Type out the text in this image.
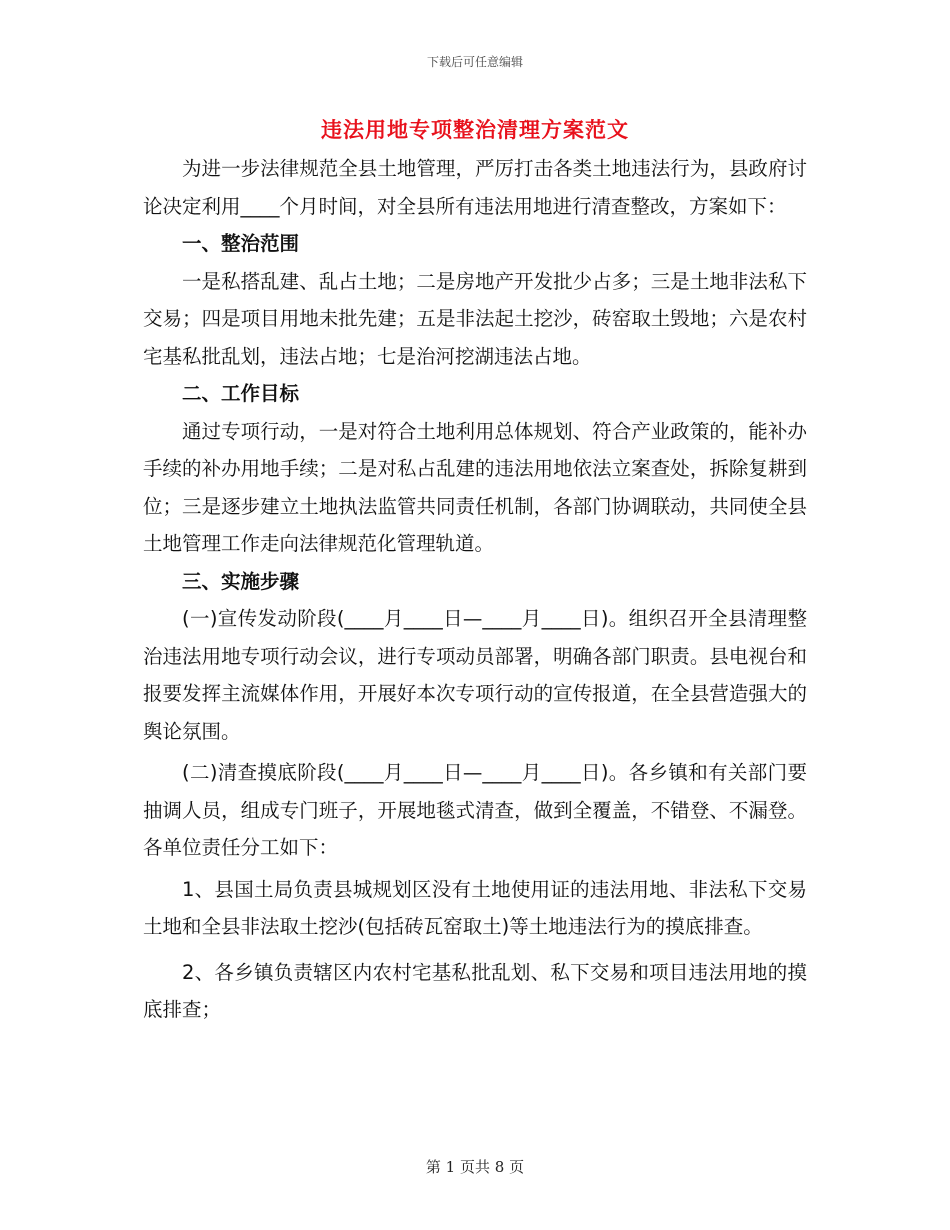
下载后可任意编辑
违法用地专项整治清理方案范文

为进一步法律规范全县土地管理，严厉打击各类土地违法行为，县政府讨论决定利用____个月时间，对全县所有违法用地进行清查整改，方案如下：

一、整治范围

一是私搭乱建、乱占土地；二是房地产开发批少占多；三是土地非法私下交易；四是项目用地未批先建；五是非法起土挖沙，砖窑取土毁地；六是农村宅基私批乱划，违法占地；七是治河挖湖违法占地。

二、工作目标

通过专项行动，一是对符合土地利用总体规划、符合产业政策的，能补办手续的补办用地手续；二是对私占乱建的违法用地依法立案查处，拆除复耕到位；三是逐步建立土地执法监管共同责任机制，各部门协调联动，共同使全县土地管理工作走向法律规范化管理轨道。

三、实施步骤

(一)宣传发动阶段(____月____日—____月____日)。组织召开全县清理整治违法用地专项行动会议，进行专项动员部署，明确各部门职责。县电视台和报要发挥主流媒体作用，开展好本次专项行动的宣传报道，在全县营造强大的舆论氛围。

(二)清查摸底阶段(____月____日—____月____日)。各乡镇和有关部门要抽调人员，组成专门班子，开展地毯式清查，做到全覆盖，不错登、不漏登。各单位责任分工如下：

1、县国土局负责县城规划区没有土地使用证的违法用地、非法私下交易土地和全县非法取土挖沙(包括砖瓦窑取土)等土地违法行为的摸底排查。

2、各乡镇负责辖区内农村宅基私批乱划、私下交易和项目违法用地的摸底排查；

第 1 页共 8 页
